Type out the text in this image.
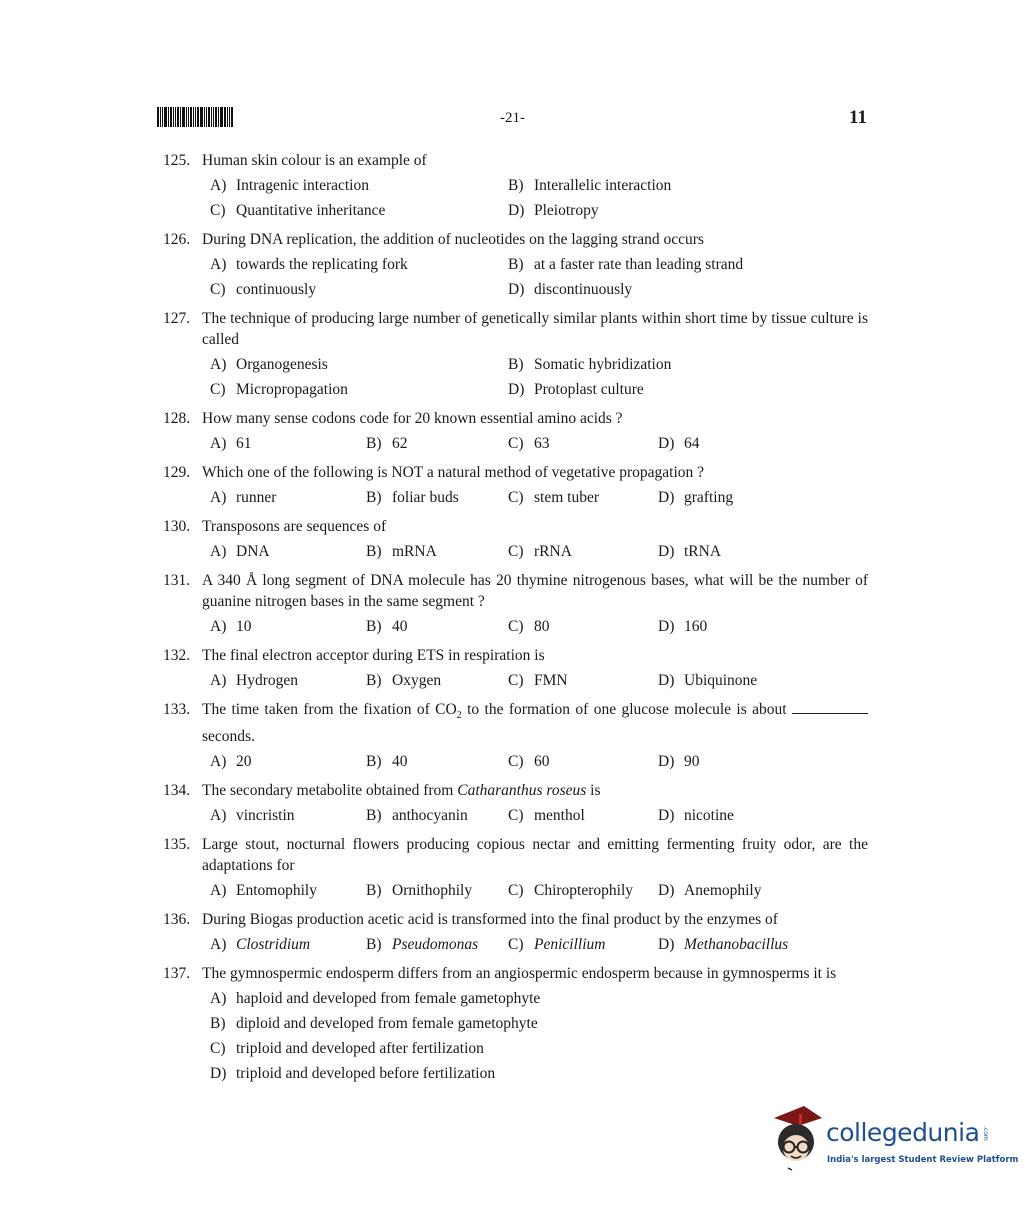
-21-	11
125. Human skin colour is an example of
A) Intragenic interaction	B) Interallelic interaction
C) Quantitative inheritance	D) Pleiotropy
126. During DNA replication, the addition of nucleotides on the lagging strand occurs
A) towards the replicating fork	B) at a faster rate than leading strand
C) continuously	D) discontinuously
127. The technique of producing large number of genetically similar plants within short time by tissue culture is called
A) Organogenesis	B) Somatic hybridization
C) Micropropagation	D) Protoplast culture
128. How many sense codons code for 20 known essential amino acids ?
A) 61	B) 62	C) 63	D) 64
129. Which one of the following is NOT a natural method of vegetative propagation ?
A) runner	B) foliar buds	C) stem tuber	D) grafting
130. Transposons are sequences of
A) DNA	B) mRNA	C) rRNA	D) tRNA
131. A 340 Å long segment of DNA molecule has 20 thymine nitrogenous bases, what will be the number of guanine nitrogen bases in the same segment ?
A) 10	B) 40	C) 80	D) 160
132. The final electron acceptor during ETS in respiration is
A) Hydrogen	B) Oxygen	C) FMN	D) Ubiquinone
133. The time taken from the fixation of $CO_2$ to the formation of one glucose molecule is about  seconds.
A) 20	B) 40	C) 60	D) 90
134. The secondary metabolite obtained from Catharanthus roseus is
A) vincristin	B) anthocyanin	C) menthol	D) nicotine
135. Large stout, nocturnal flowers producing copious nectar and emitting fermenting fruity odor, are the adaptations for
A) Entomophily	B) Ornithophily C) Chiropterophily D) Anemophily
136. During Biogas production acetic acid is transformed into the final product by the enzymes of
A) Clostridium	B) Pseudomonas C) Penicillium	D) Methanobacillus
137. The gymnospermic endosperm differs from an angiospermic endosperm because in gymnosperms it is
A) haploid and developed from female gametophyte
B) diploid and developed from female gametophyte
C) triploid and developed after fertilization
D) triploid and developed before fertilization
collegedunia .com
India's largest Student Review Platform
